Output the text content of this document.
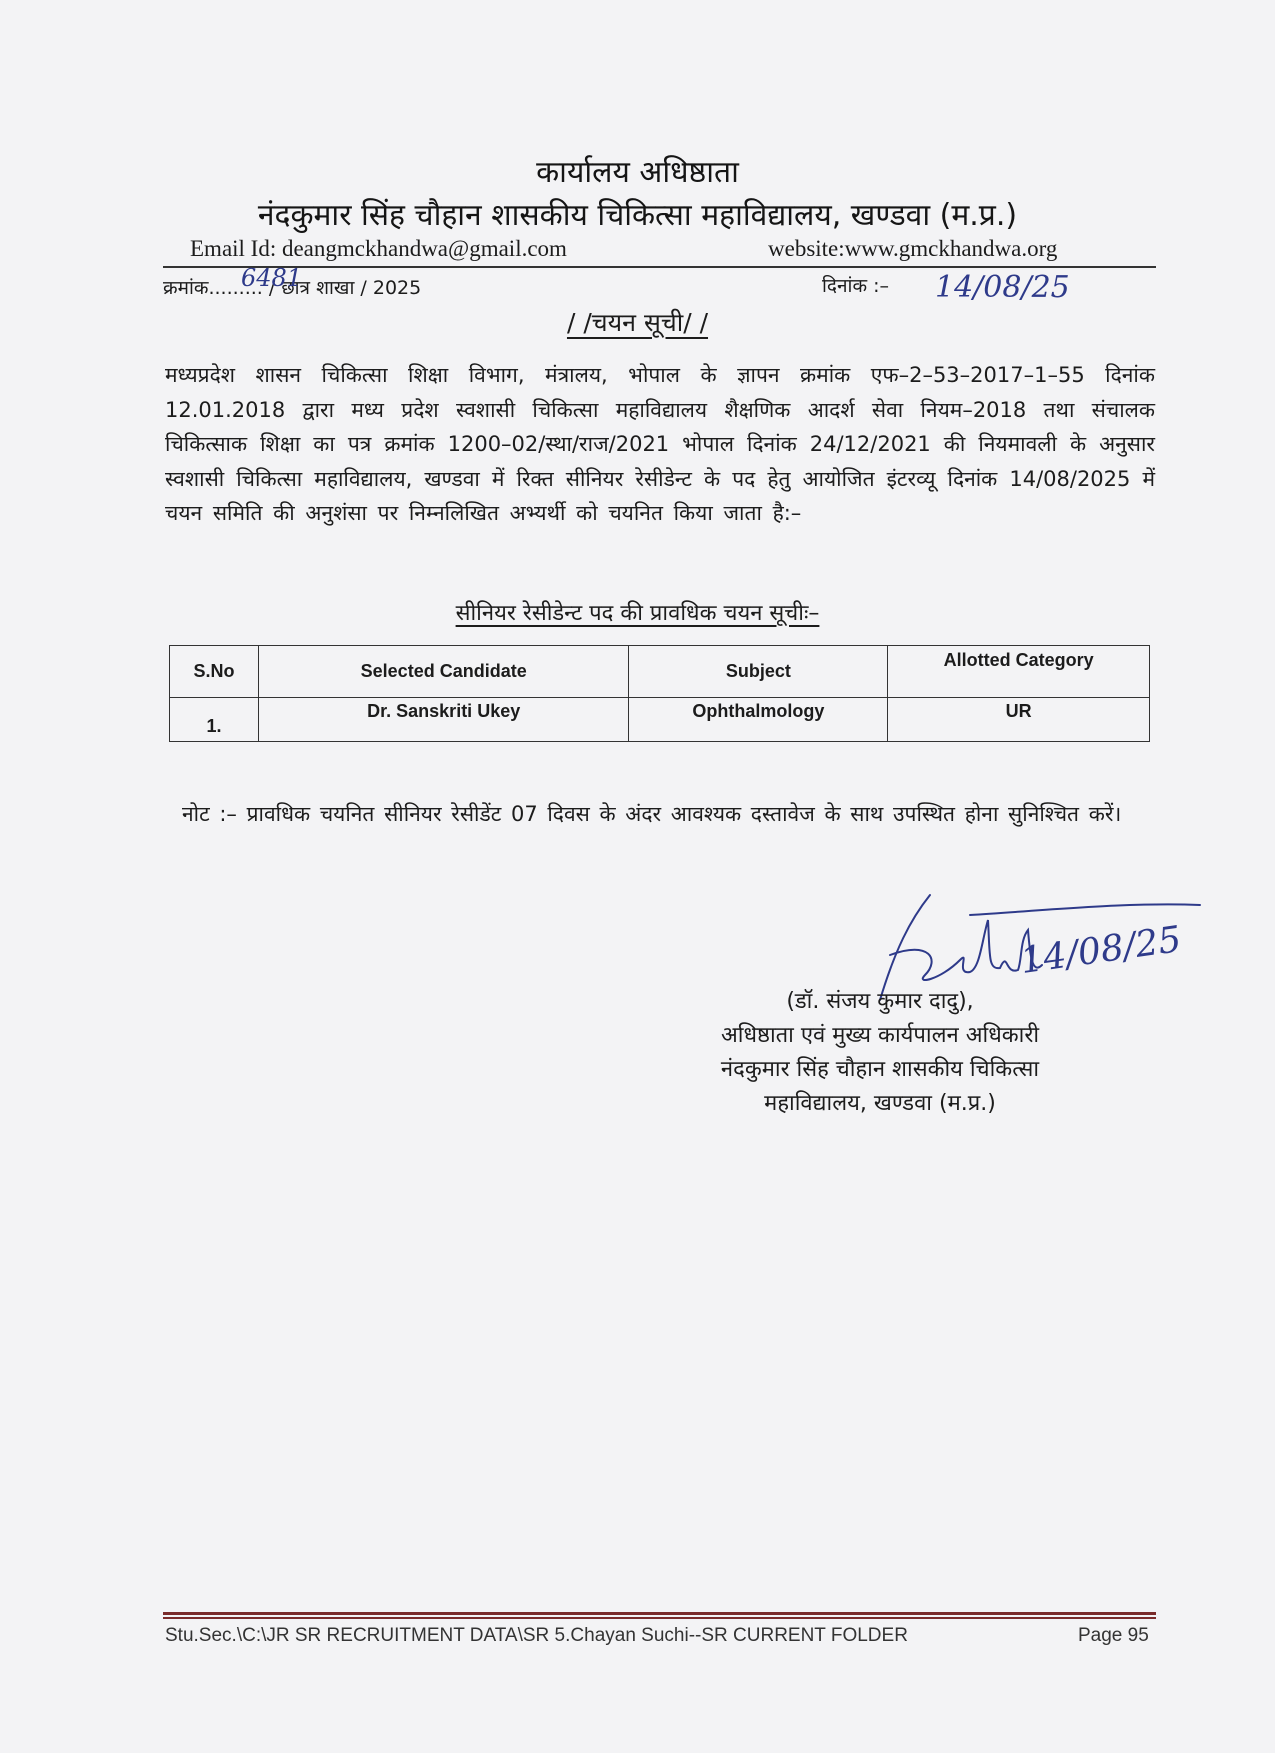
कार्यालय अधिष्ठाता
नंदकुमार सिंह चौहान शासकीय चिकित्सा महाविद्यालय, खण्डवा (म.प्र.)
Email Id: deangmckhandwa@gmail.com	website:www.gmckhandwa.org
क्रमांक.........
6481
/ छात्र शाखा / 2025	दिनांक :– 14/08/25
/ /चयन सूची/ /
मध्यप्रदेश शासन चिकित्सा शिक्षा विभाग, मंत्रालय, भोपाल के ज्ञापन क्रमांक एफ–2–53–2017–1–55 दिनांक 12.01.2018 द्वारा मध्य प्रदेश स्वशासी चिकित्सा महाविद्यालय शैक्षणिक आदर्श सेवा नियम–2018 तथा संचालक चिकित्साक शिक्षा का पत्र क्रमांक 1200–02/स्था/राज/2021 भोपाल दिनांक 24/12/2021 की नियमावली के अनुसार स्वशासी चिकित्सा महाविद्यालय, खण्डवा में रिक्त सीनियर रेसीडेन्ट के पद हेतु आयोजित इंटरव्यू दिनांक 14/08/2025 में चयन समिति की अनुशंसा पर निम्नलिखित अभ्यर्थी को चयनित किया जाता है:–
सीनियर रेसीडेन्ट पद की प्रावधिक चयन सूचीः–
S.No	Selected Candidate	Subject	Allotted Category
1.	Dr. Sanskriti Ukey	Ophthalmology	UR
नोट :– प्रावधिक चयनित सीनियर रेसीडेंट 07 दिवस के अंदर आवश्यक दस्तावेज के साथ उपस्थित होना सुनिश्चित करें।
14/08/25
(डॉ. संजय कुमार दादु),
अधिष्ठाता एवं मुख्य कार्यपालन अधिकारी
नंदकुमार सिंह चौहान शासकीय चिकित्सा
महाविद्यालय, खण्डवा (म.प्र.)
Stu.Sec.\C:\JR SR RECRUITMENT DATA\SR 5.Chayan Suchi--SR CURRENT FOLDER	Page 95
